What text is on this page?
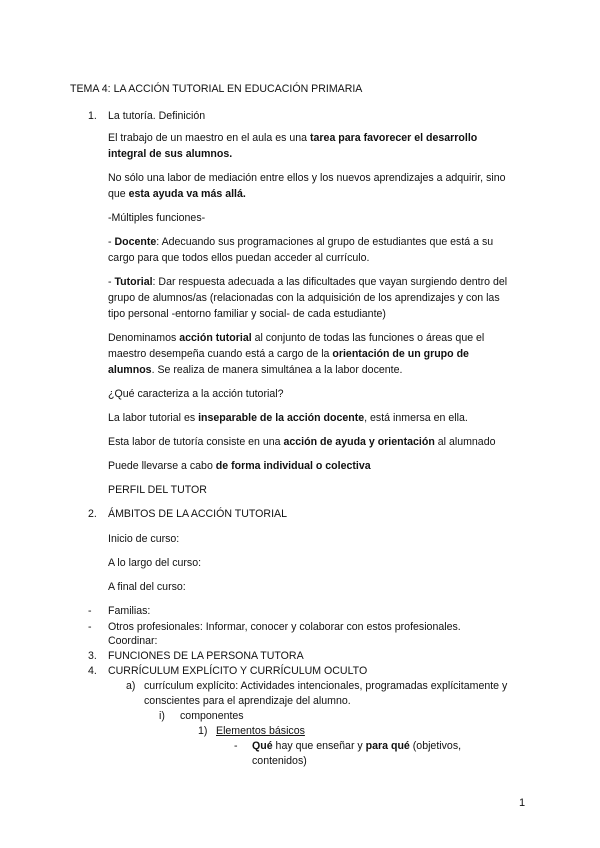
TEMA 4: LA ACCIÓN TUTORIAL EN EDUCACIÓN PRIMARIA
1. La tutoría. Definición
El trabajo de un maestro en el aula es una tarea para favorecer el desarrollo
integral de sus alumnos.
No sólo una labor de mediación entre ellos y los nuevos aprendizajes a adquirir, sino
que esta ayuda va más allá.
-Múltiples funciones-
- Docente: Adecuando sus programaciones al grupo de estudiantes que está a su
cargo para que todos ellos puedan acceder al currículo.
- Tutorial: Dar respuesta adecuada a las dificultades que vayan surgiendo dentro del
grupo de alumnos/as (relacionadas con la adquisición de los aprendizajes y con las
tipo personal -entorno familiar y social- de cada estudiante)
Denominamos acción tutorial al conjunto de todas las funciones o áreas que el
maestro desempeña cuando está a cargo de la orientación de un grupo de
alumnos. Se realiza de manera simultánea a la labor docente.
¿Qué caracteriza a la acción tutorial?
La labor tutorial es inseparable de la acción docente, está inmersa en ella.
Esta labor de tutoría consiste en una acción de ayuda y orientación al alumnado
Puede llevarse a cabo de forma individual o colectiva
PERFIL DEL TUTOR
2. ÁMBITOS DE LA ACCIÓN TUTORIAL
Inicio de curso:
A lo largo del curso:
A final del curso:
- Familias:
- Otros profesionales: Informar, conocer y colaborar con estos profesionales.
Coordinar:
3. FUNCIONES DE LA PERSONA TUTORA
4. CURRÍCULUM EXPLÍCITO Y CURRÍCULUM OCULTO
a) currículum explícito: Actividades intencionales, programadas explícitamente y
conscientes para el aprendizaje del alumno.
i) componentes
1) Elementos básicos
- Qué hay que enseñar y para qué (objetivos,
contenidos)
1
